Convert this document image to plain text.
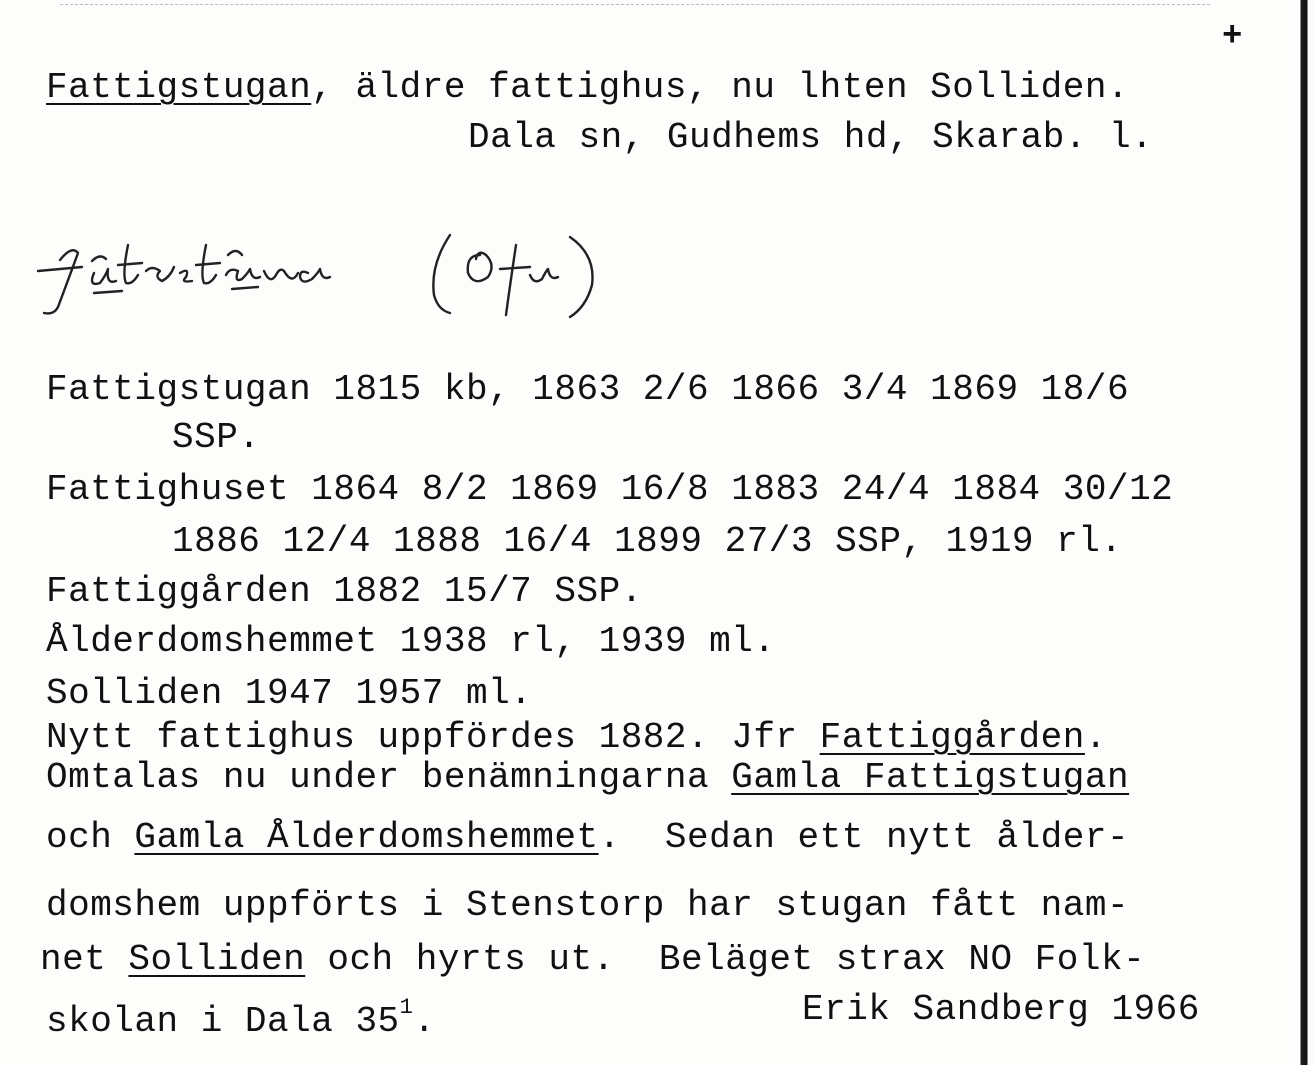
+
Fattigstugan, äldre fattighus, nu lhten Solliden.
Dala sn, Gudhems hd, Skarab. l.
Fattigstugan 1815 kb, 1863 2/6 1866 3/4 1869 18/6
SSP.
Fattighuset 1864 8/2 1869 16/8 1883 24/4 1884 30/12
1886 12/4 1888 16/4 1899 27/3 SSP, 1919 rl.
Fattiggården 1882 15/7 SSP.
Ålderdomshemmet 1938 rl, 1939 ml.
Solliden 1947 1957 ml.
Nytt fattighus uppfördes 1882. Jfr Fattiggården.
Omtalas nu under benämningarna Gamla Fattigstugan
och Gamla Ålderdomshemmet.  Sedan ett nytt ålder-
domshem uppförts i Stenstorp har stugan fått nam-
net Solliden och hyrts ut.  Beläget strax NO Folk-
skolan i Dala $35^1$.	Erik Sandberg 1966
